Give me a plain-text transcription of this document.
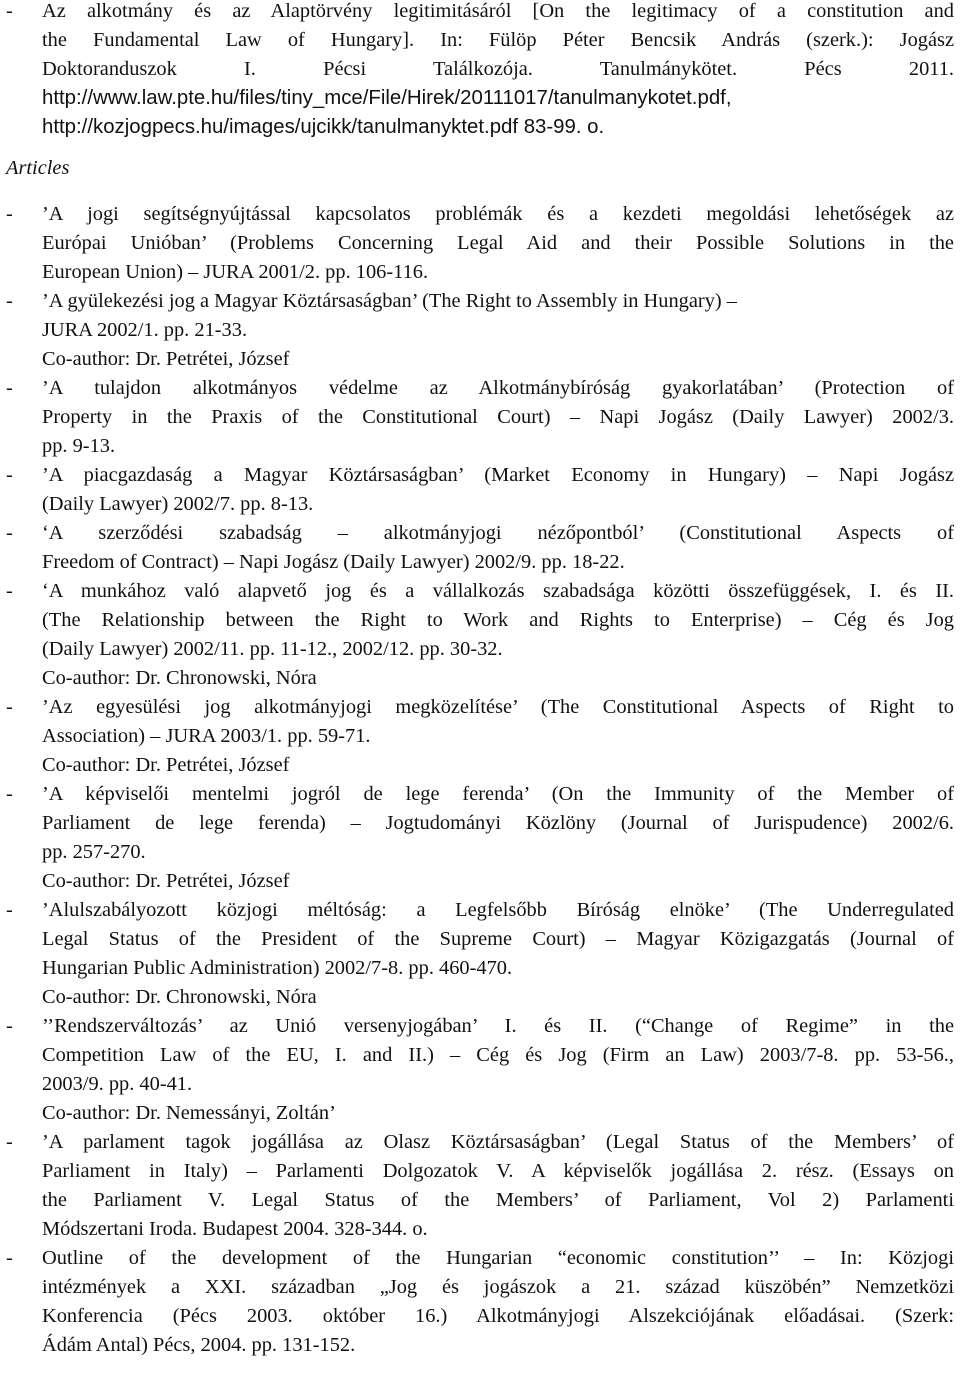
- Az alkotmány és az Alaptörvény legitimitásáról [On the legitimacy of a constitution and
the Fundamental Law of Hungary]. In: Fülöp Péter Bencsik András (szerk.): Jogász
Doktoranduszok I. Pécsi Találkozója. Tanulmánykötet. Pécs 2011.
http://www.law.pte.hu/files/tiny_mce/File/Hirek/20111017/tanulmanykotet.pdf,
http://kozjogpecs.hu/images/ujcikk/tanulmanyktet.pdf 83-99. o.
Articles
- ’A jogi segítségnyújtással kapcsolatos problémák és a kezdeti megoldási lehetőségek az
Európai Unióban’ (Problems Concerning Legal Aid and their Possible Solutions in the
European Union) – JURA 2001/2. pp. 106-116.
- ’A gyülekezési jog a Magyar Köztársaságban’ (The Right to Assembly in Hungary) –
JURA 2002/1. pp. 21-33.
Co-author: Dr. Petrétei, József
- ’A tulajdon alkotmányos védelme az Alkotmánybíróság gyakorlatában’ (Protection of
Property in the Praxis of the Constitutional Court) – Napi Jogász (Daily Lawyer) 2002/3.
pp. 9-13.
- ’A piacgazdaság a Magyar Köztársaságban’ (Market Economy in Hungary) – Napi Jogász
(Daily Lawyer) 2002/7. pp. 8-13.
- ‘A szerződési szabadság – alkotmányjogi nézőpontból’ (Constitutional Aspects of
Freedom of Contract) – Napi Jogász (Daily Lawyer) 2002/9. pp. 18-22.
- ‘A munkához való alapvető jog és a vállalkozás szabadsága közötti összefüggések, I. és II.
(The Relationship between the Right to Work and Rights to Enterprise) – Cég és Jog
(Daily Lawyer) 2002/11. pp. 11-12., 2002/12. pp. 30-32.
Co-author: Dr. Chronowski, Nóra
- ’Az egyesülési jog alkotmányjogi megközelítése’ (The Constitutional Aspects of Right to
Association) – JURA 2003/1. pp. 59-71.
Co-author: Dr. Petrétei, József
- ’A képviselői mentelmi jogról de lege ferenda’ (On the Immunity of the Member of
Parliament de lege ferenda) – Jogtudományi Közlöny (Journal of Jurispudence) 2002/6.
pp. 257-270.
Co-author: Dr. Petrétei, József
- ’Alulszabályozott közjogi méltóság: a Legfelsőbb Bíróság elnöke’ (The Underregulated
Legal Status of the President of the Supreme Court) – Magyar Közigazgatás (Journal of
Hungarian Public Administration) 2002/7-8. pp. 460-470.
Co-author: Dr. Chronowski, Nóra
- ’’Rendszerváltozás’ az Unió versenyjogában’ I. és II. (“Change of Regime” in the
Competition Law of the EU, I. and II.) – Cég és Jog (Firm an Law) 2003/7-8. pp. 53-56.,
2003/9. pp. 40-41.
Co-author: Dr. Nemessányi, Zoltán’
- ’A parlament tagok jogállása az Olasz Köztársaságban’ (Legal Status of the Members’ of
Parliament in Italy) – Parlamenti Dolgozatok V. A képviselők jogállása 2. rész. (Essays on
the Parliament V. Legal Status of the Members’ of Parliament, Vol 2) Parlamenti
Módszertani Iroda. Budapest 2004. 328-344. o.
- Outline of the development of the Hungarian “economic constitution’’ – In: Közjogi
intézmények a XXI. században „Jog és jogászok a 21. század küszöbén” Nemzetközi
Konferencia (Pécs 2003. október 16.) Alkotmányjogi Alszekciójának előadásai. (Szerk:
Ádám Antal) Pécs, 2004. pp. 131-152.
